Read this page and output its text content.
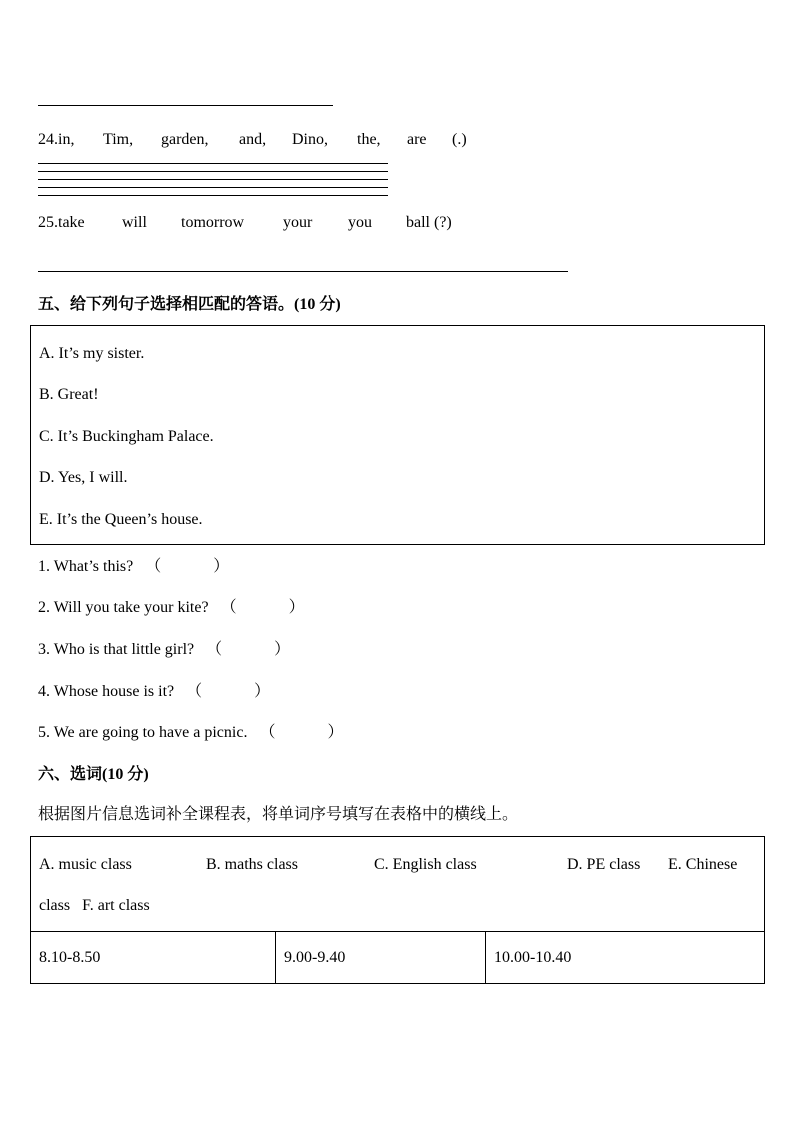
24.in, Tim, garden, and, Dino, the, are (.)
25.take will tomorrow your you ball (?)
五、给下列句子选择相匹配的答语。(10 分)
A. It’s my sister.
B. Great!
C. It’s Buckingham Palace.
D. Yes, I will.
E. It’s the Queen’s house.
1. What’s this? （	）
2. Will you take your kite? （	）
3. Who is that little girl? （	）
4. Whose house is it? （	）
5. We are going to have a picnic. （	）
六、选词(10 分)
根据图片信息选词补全课程表，将单词序号填写在表格中的横线上。
A. music class	B. maths class	C. English class	D. PE class E. Chinese
class   F. art class
8.10-8.50	9.00-9.40	10.00-10.40
